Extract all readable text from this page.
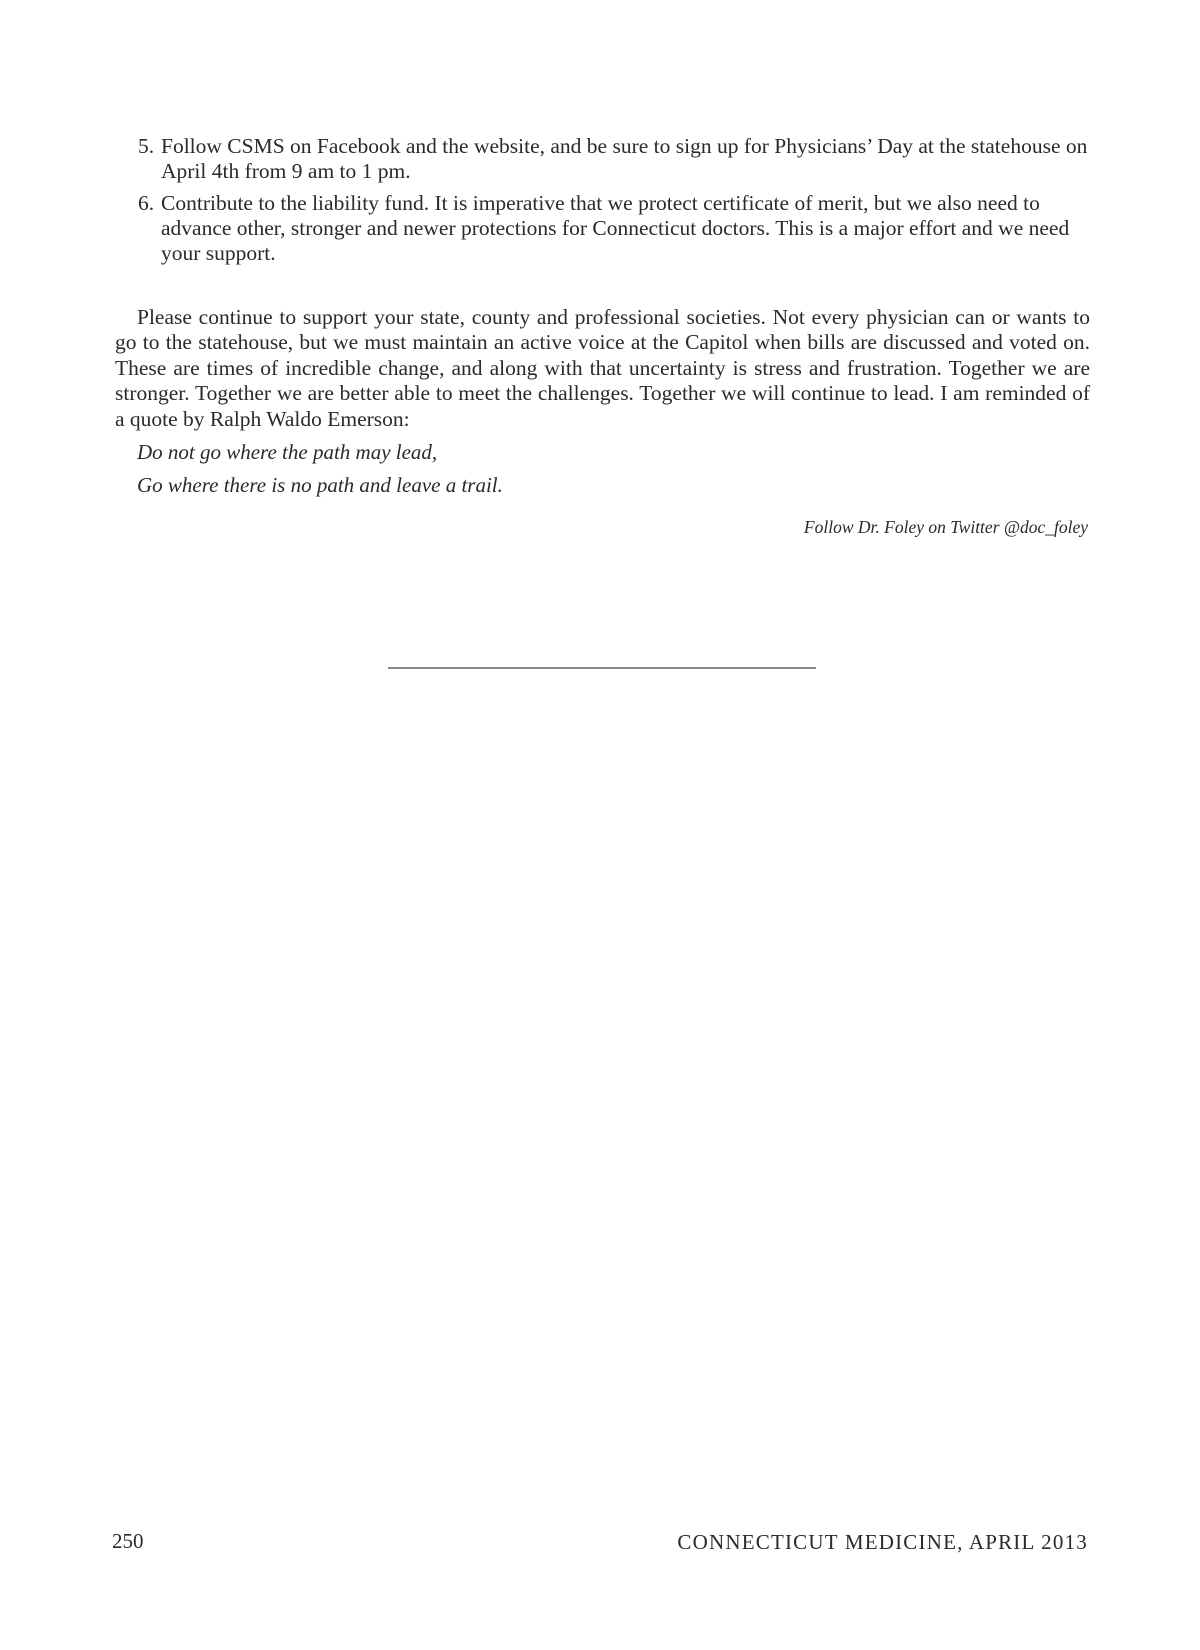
5. Follow CSMS on Facebook and the website, and be sure to sign up for Physicians’ Day at the statehouse on April 4th from 9 am to 1 pm.
6. Contribute to the liability fund. It is imperative that we protect certificate of merit, but we also need to advance other, stronger and newer protections for Connecticut doctors. This is a major effort and we need your support.

Please continue to support your state, county and professional societies. Not every physician can or wants to go to the statehouse, but we must maintain an active voice at the Capitol when bills are discussed and voted on. These are times of incredible change, and along with that uncertainty is stress and frustration. Together we are stronger. Together we are better able to meet the challenges. Together we will continue to lead. I am reminded of a quote by Ralph Waldo Emerson:

Do not go where the path may lead,
Go where there is no path and leave a trail.
Follow Dr. Foley on Twitter @doc_foley
250	CONNECTICUT MEDICINE, APRIL 2013
